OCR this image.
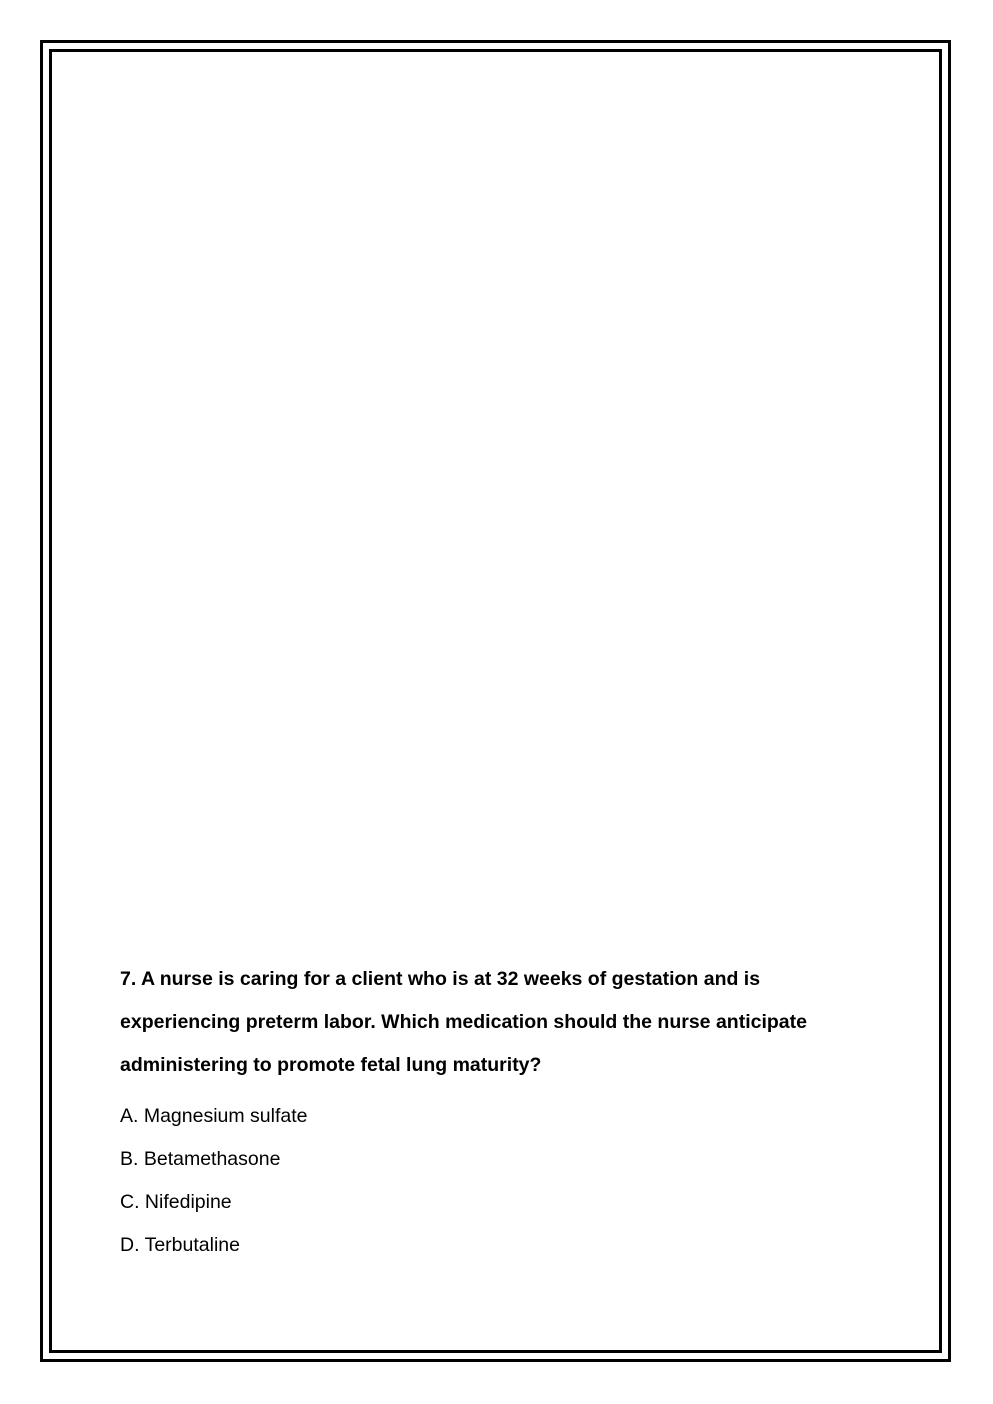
7. A nurse is caring for a client who is at 32 weeks of gestation and is experiencing preterm labor. Which medication should the nurse anticipate administering to promote fetal lung maturity?

A. Magnesium sulfate
B. Betamethasone
C. Nifedipine
D. Terbutaline
